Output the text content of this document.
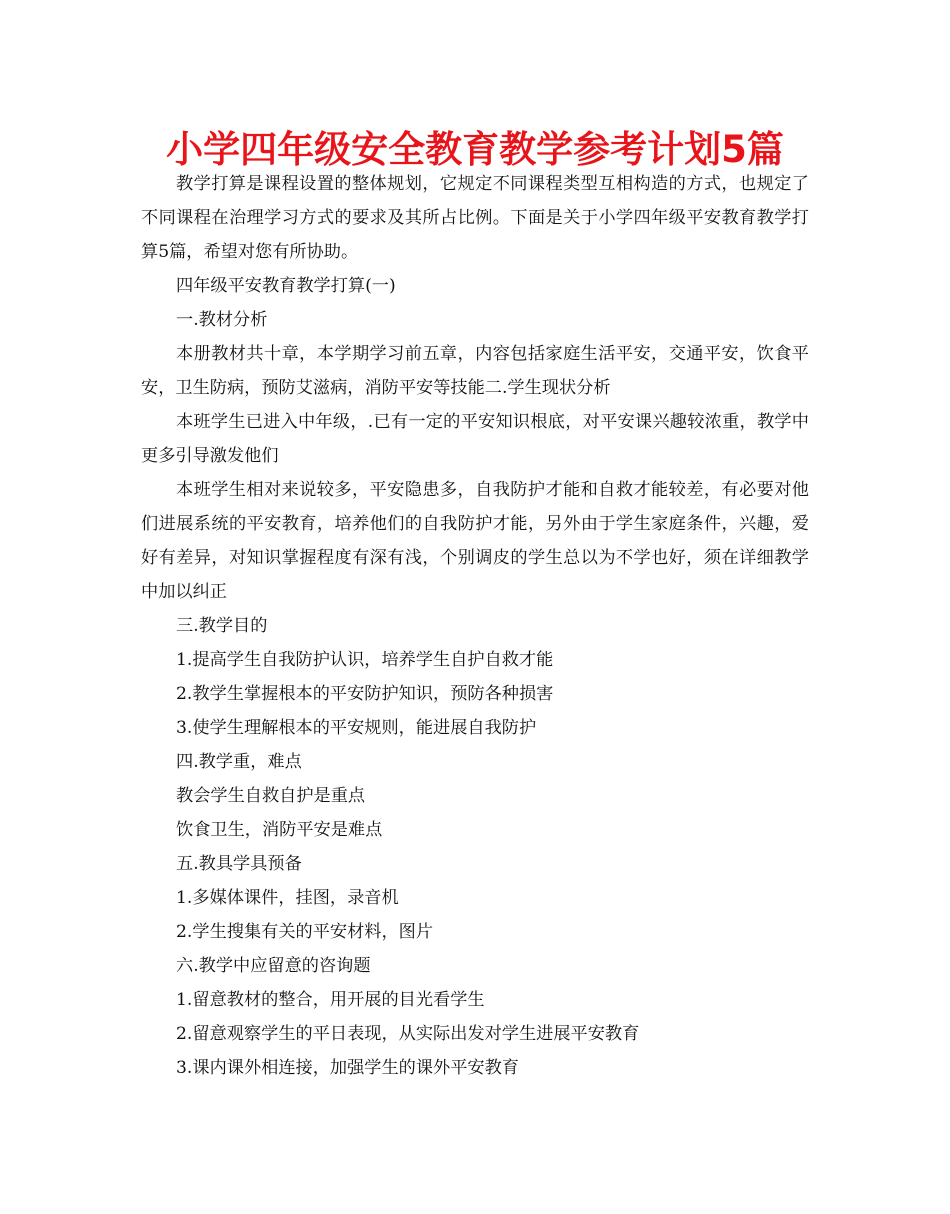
小学四年级安全教育教学参考计划5篇

教学打算是课程设置的整体规划，它规定不同课程类型互相构造的方式，也规定了不同课程在治理学习方式的要求及其所占比例。下面是关于小学四年级平安教育教学打算5篇，希望对您有所协助。

四年级平安教育教学打算(一)

一.教材分析

本册教材共十章，本学期学习前五章，内容包括家庭生活平安，交通平安，饮食平安，卫生防病，预防艾滋病，消防平安等技能二.学生现状分析

本班学生已进入中年级，.已有一定的平安知识根底，对平安课兴趣较浓重，教学中更多引导激发他们

本班学生相对来说较多，平安隐患多，自我防护才能和自救才能较差，有必要对他们进展系统的平安教育，培养他们的自我防护才能，另外由于学生家庭条件，兴趣，爱好有差异，对知识掌握程度有深有浅，个别调皮的学生总以为不学也好，须在详细教学中加以纠正

三.教学目的

1.提高学生自我防护认识，培养学生自护自救才能

2.教学生掌握根本的平安防护知识，预防各种损害

3.使学生理解根本的平安规则，能进展自我防护

四.教学重，难点

教会学生自救自护是重点

饮食卫生，消防平安是难点

五.教具学具预备

1.多媒体课件，挂图，录音机

2.学生搜集有关的平安材料，图片

六.教学中应留意的咨询题

1.留意教材的整合，用开展的目光看学生

2.留意观察学生的平日表现，从实际出发对学生进展平安教育

3.课内课外相连接，加强学生的课外平安教育
